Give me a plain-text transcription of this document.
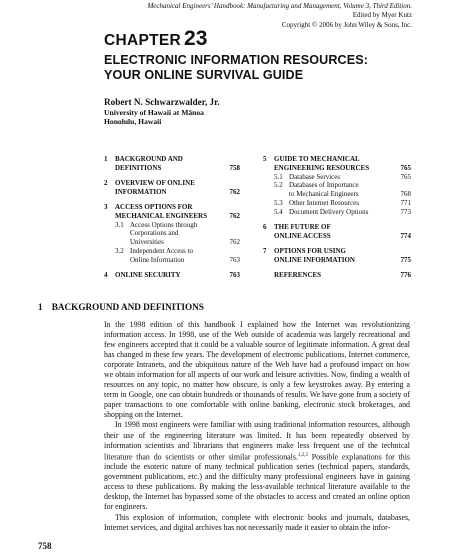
Mechanical Engineers’ Handbook: Manufacturing and Management, Volume 3, Third Edition.
Edited by Myer Kutz
Copyright © 2006 by John Wiley & Sons, Inc.
CHAPTER 23
ELECTRONIC INFORMATION RESOURCES:
YOUR ONLINE SURVIVAL GUIDE
Robert N. Schwarzwalder, Jr.
University of Hawaii at Mānoa
Honolulu, Hawaii
1 BACKGROUND AND
DEFINITIONS	758
2 OVERVIEW OF ONLINE
INFORMATION	762
3 ACCESS OPTIONS FOR
MECHANICAL ENGINEERS	762
3.1 Access Options through
Corporations and
Universities	762
3.2 Independent Access to
Online Information	763
4 ONLINE SECURITY	763
5 GUIDE TO MECHANICAL
ENGINEERING RESOURCES	765
5.1 Database Services	765
5.2 Databases of Importance
to Mechanical Engineers	768
5.3 Other Internet Resources	771
5.4 Document Delivery Options	773
6 THE FUTURE OF
ONLINE ACCESS	774
7 OPTIONS FOR USING
ONLINE INFORMATION	775
REFERENCES	776
1 BACKGROUND AND DEFINITIONS

In the 1998 edition of this handbook I explained how the Internet was revolutionizing information access. In 1998, use of the Web outside of academia was largely recreational and few engineers accepted that it could be a valuable source of legitimate information. A great deal has changed in these few years. The development of electronic publications, Internet commerce, corporate Intranets, and the ubiquitous nature of the Web have had a profound impact on how we obtain information for all aspects of our work and leisure activities. Now, finding a wealth of resources on any topic, no matter how obscure, is only a few keystrokes away. By entering a term in Google, one can obtain hundreds or thousands of results. We have gone from a society of paper transactions to one comfortable with online banking, electronic stock brokerages, and shopping on the Internet.

In 1998 most engineers were familiar with using traditional information resources, although their use of the engineering literature was limited. It has been repeatedly observed by information scientists and librarians that engineers make less frequent use of the technical literature than do scientists or other similar professionals.$^{1,2,3}$ Possible explanations for this include the esoteric nature of many technical publication series (technical papers, standards, government publications, etc.) and the difficulty many professional engineers have in gaining access to these publications. By making the less-available technical literature available to the desktop, the Internet has bypassed some of the obstacles to access and created an online option for engineers.

This explosion of information, complete with electronic books and journals, databases, Internet services, and digital archives has not necessarily made it easier to obtain the infor-

758
